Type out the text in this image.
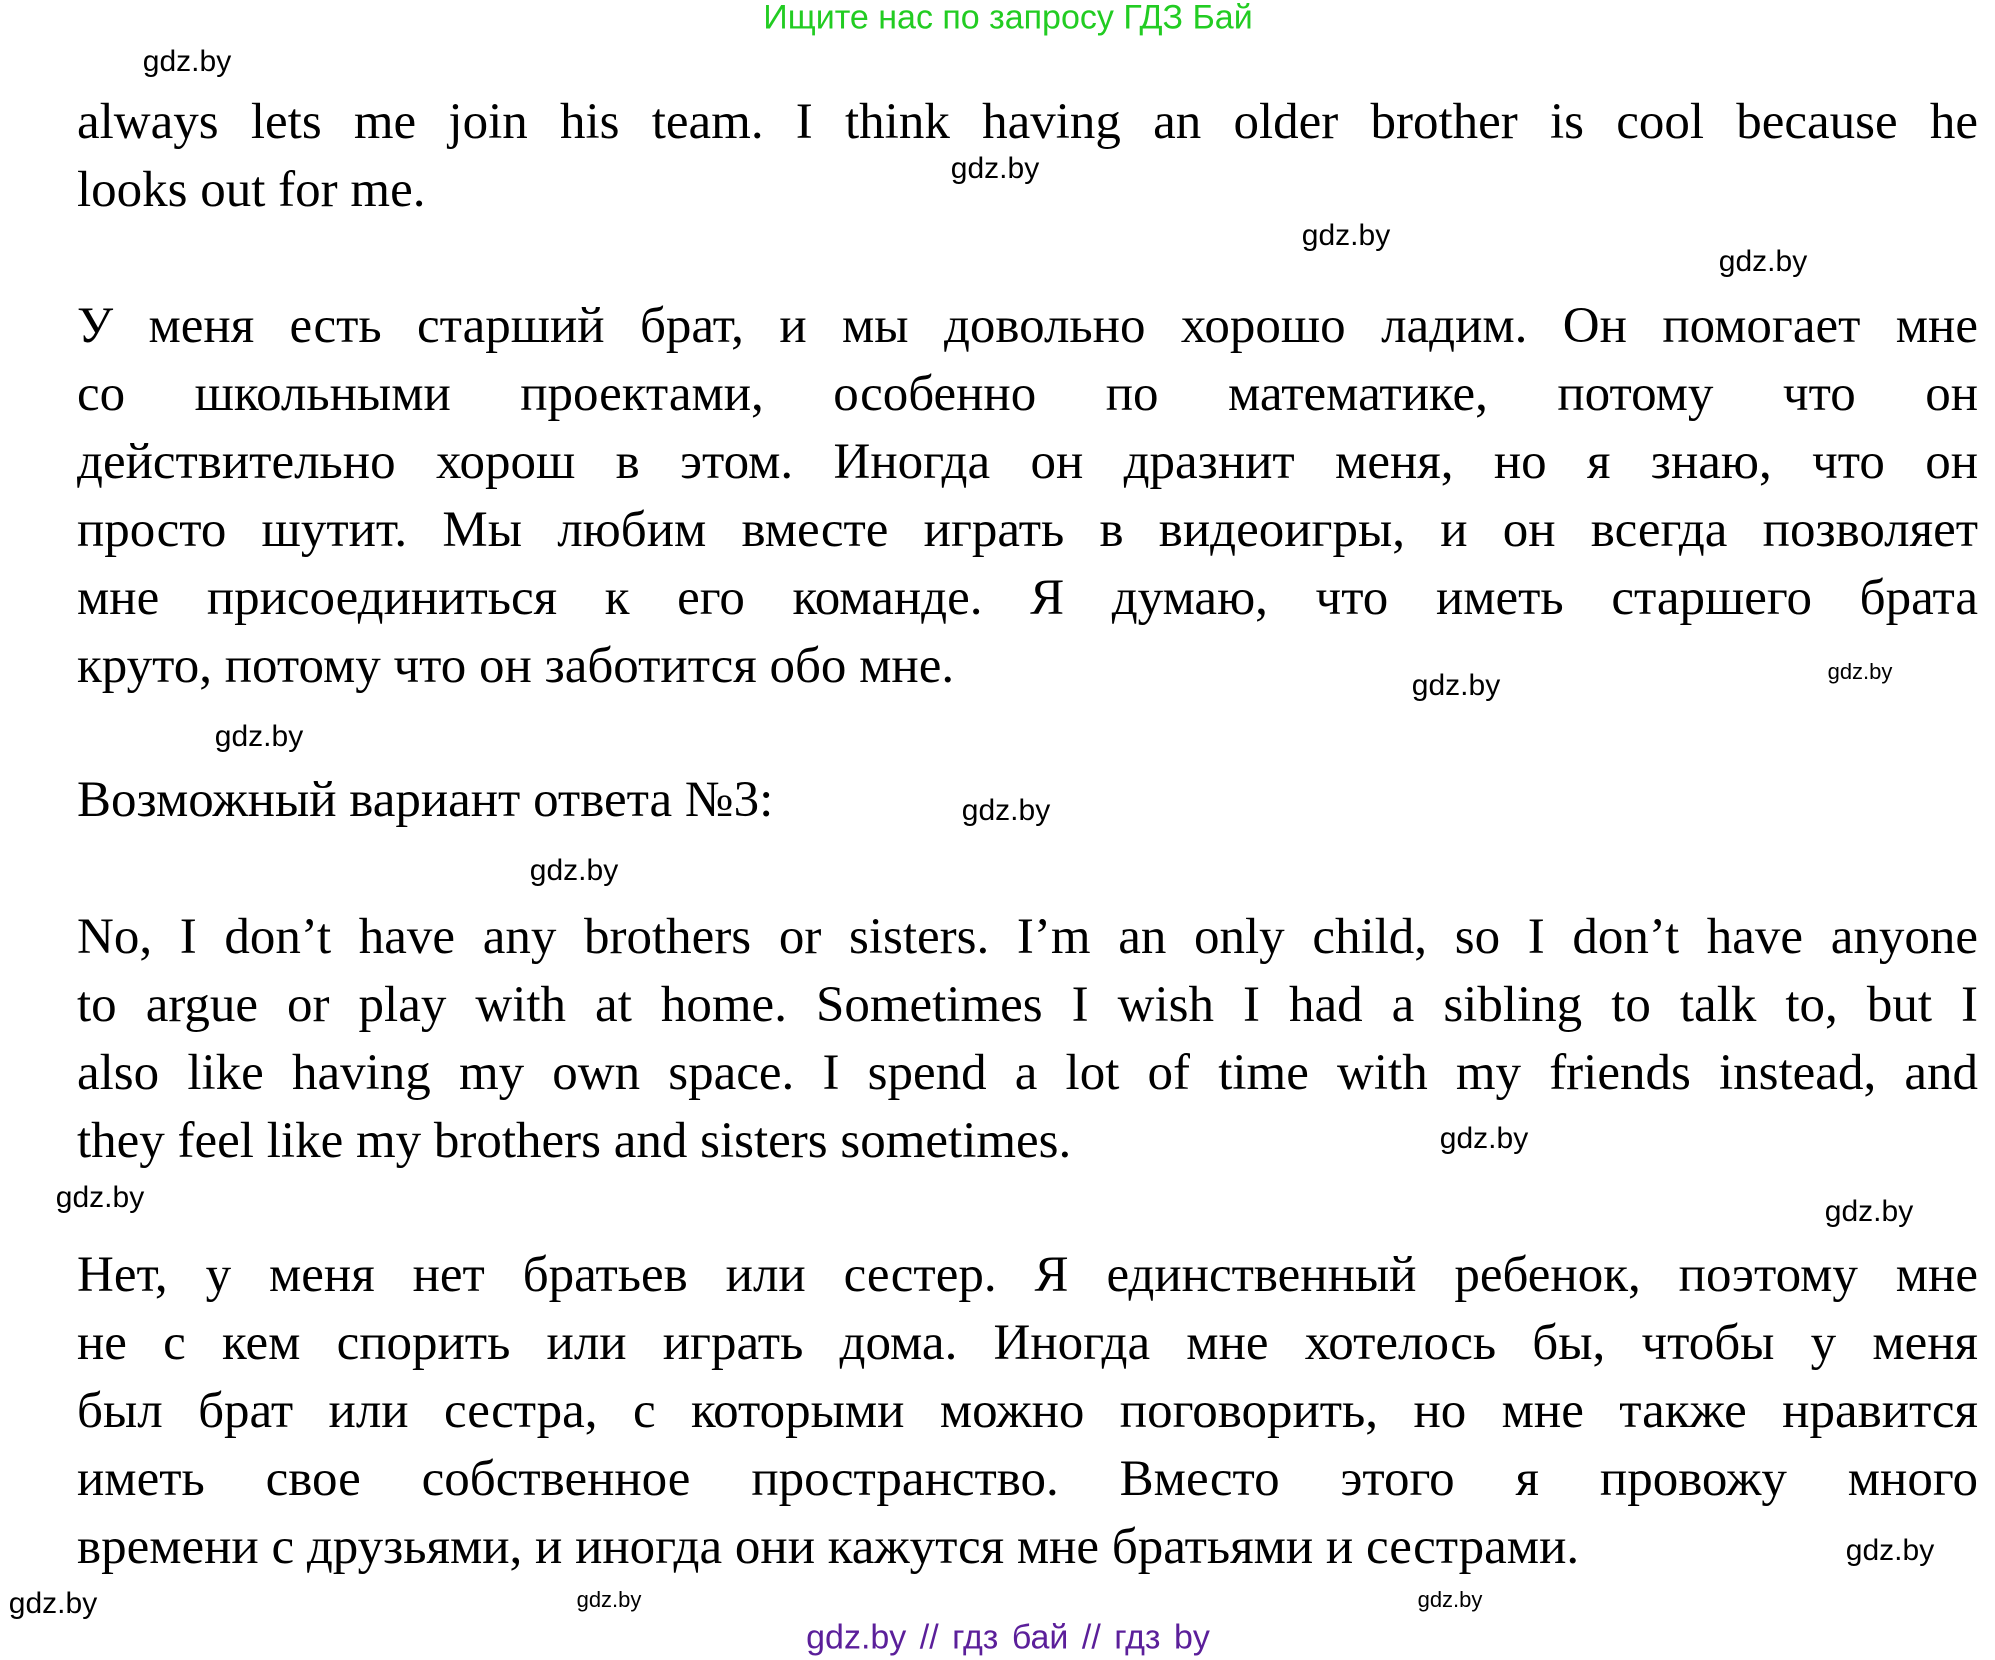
Ищите нас по запросу ГДЗ Бай
always lets me join his team. I think having an older brother is cool because he
looks out for me.
У меня есть старший брат, и мы довольно хорошо ладим. Он помогает мне
со школьными проектами, особенно по математике, потому что он
действительно хорош в этом. Иногда он дразнит меня, но я знаю, что он
просто шутит. Мы любим вместе играть в видеоигры, и он всегда позволяет
мне присоединиться к его команде. Я думаю, что иметь старшего брата
круто, потому что он заботится обо мне.
Возможный вариант ответа №3:
No, I don’t have any brothers or sisters. I’m an only child, so I don’t have anyone
to argue or play with at home. Sometimes I wish I had a sibling to talk to, but I
also like having my own space. I spend a lot of time with my friends instead, and
they feel like my brothers and sisters sometimes.
Нет, у меня нет братьев или сестер. Я единственный ребенок, поэтому мне
не с кем спорить или играть дома. Иногда мне хотелось бы, чтобы у меня
был брат или сестра, с которыми можно поговорить, но мне также нравится
иметь свое собственное пространство. Вместо этого я провожу много
времени с друзьями, и иногда они кажутся мне братьями и сестрами.
gdz.by
gdz.by
gdz.by
gdz.by
gdz.by
gdz.by
gdz.by
gdz.by
gdz.by
gdz.by
gdz.by	gdz.by
gdz.by	gdz.by
gdz.by
gdz.by
gdz.by // гдз бай // гдз by
